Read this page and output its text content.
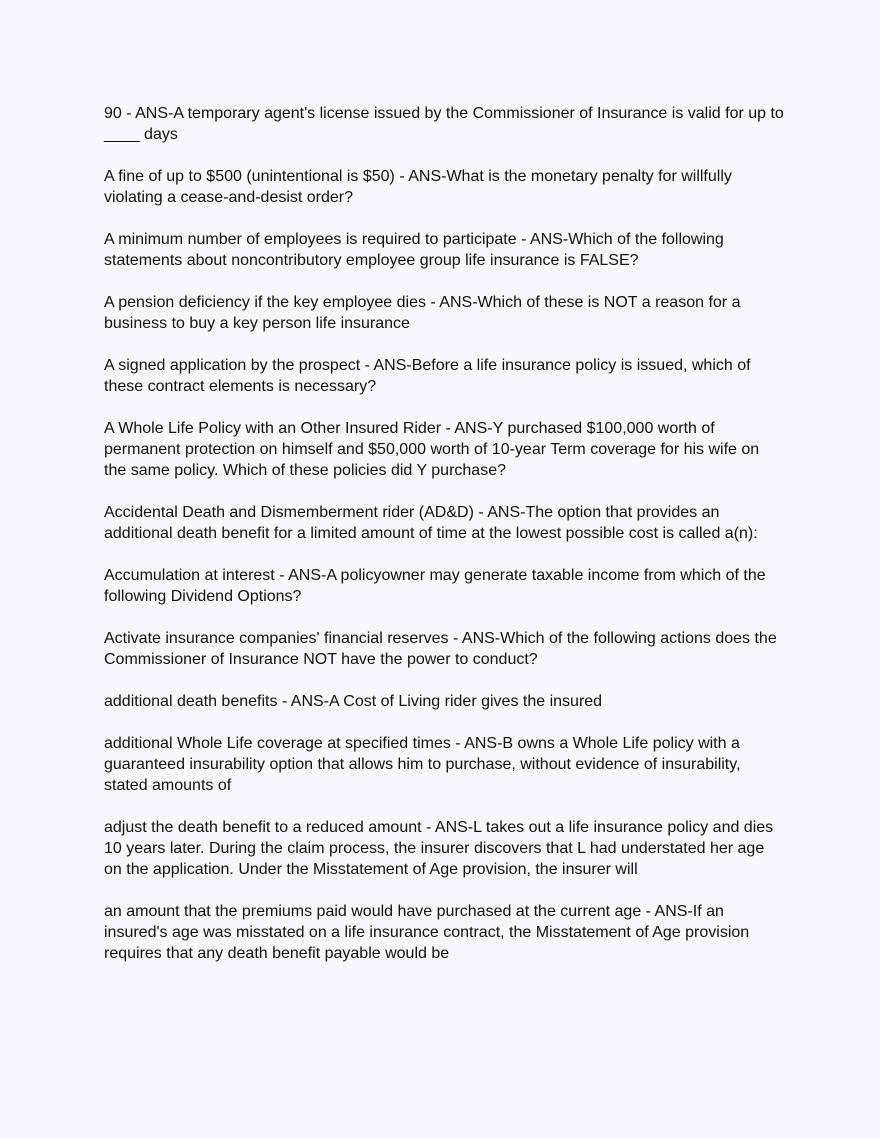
90 - ANS-A temporary agent's license issued by the Commissioner of Insurance is valid for up to ____ days

A fine of up to $500 (unintentional is $50) - ANS-What is the monetary penalty for willfully violating a cease-and-desist order?

A minimum number of employees is required to participate - ANS-Which of the following statements about noncontributory employee group life insurance is FALSE?

A pension deficiency if the key employee dies - ANS-Which of these is NOT a reason for a business to buy a key person life insurance

A signed application by the prospect - ANS-Before a life insurance policy is issued, which of these contract elements is necessary?

A Whole Life Policy with an Other Insured Rider - ANS-Y purchased $100,000 worth of permanent protection on himself and $50,000 worth of 10-year Term coverage for his wife on the same policy. Which of these policies did Y purchase?

Accidental Death and Dismemberment rider (AD&D) - ANS-The option that provides an additional death benefit for a limited amount of time at the lowest possible cost is called a(n):

Accumulation at interest - ANS-A policyowner may generate taxable income from which of the following Dividend Options?

Activate insurance companies' financial reserves - ANS-Which of the following actions does the Commissioner of Insurance NOT have the power to conduct?

additional death benefits - ANS-A Cost of Living rider gives the insured

additional Whole Life coverage at specified times - ANS-B owns a Whole Life policy with a guaranteed insurability option that allows him to purchase, without evidence of insurability, stated amounts of

adjust the death benefit to a reduced amount - ANS-L takes out a life insurance policy and dies 10 years later. During the claim process, the insurer discovers that L had understated her age on the application. Under the Misstatement of Age provision, the insurer will

an amount that the premiums paid would have purchased at the current age - ANS-If an insured's age was misstated on a life insurance contract, the Misstatement of Age provision requires that any death benefit payable would be
